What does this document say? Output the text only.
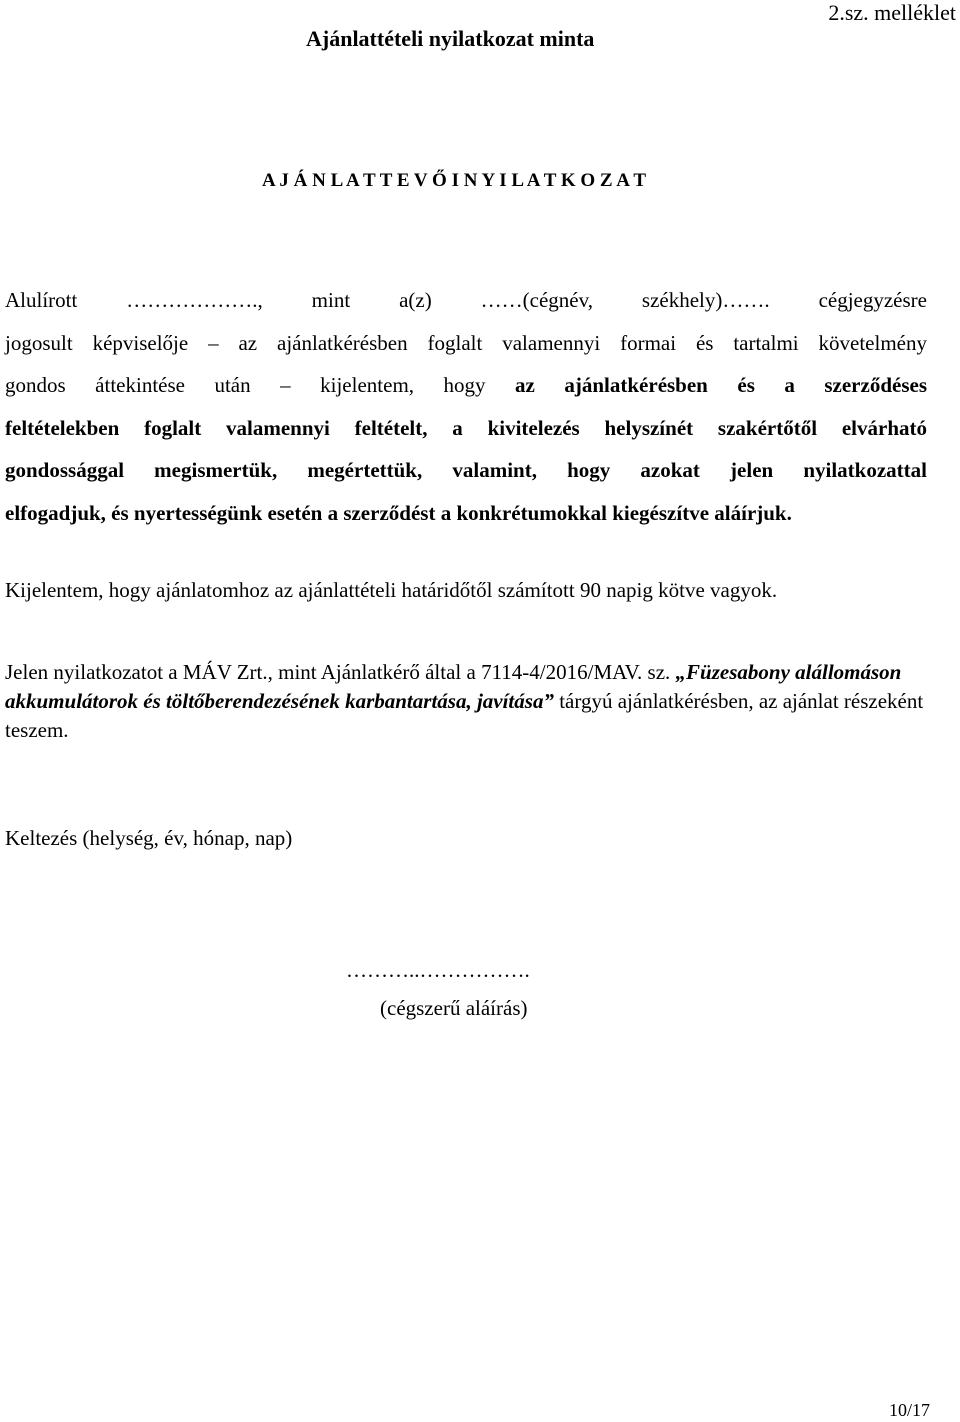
Ajánlattételi nyilatkozat minta
2.sz. melléklet
A J Á N L A T T E V Ő I N Y I L A T K O Z A T
Alulírott ………………., mint a(z) ……(cégnév, székhely)……. cégjegyzésre
jogosult képviselője – az ajánlatkérésben foglalt valamennyi formai és tartalmi követelmény
gondos áttekintése után – kijelentem, hogy az ajánlatkérésben és a szerződéses
feltételekben foglalt valamennyi feltételt, a kivitelezés helyszínét szakértőtől elvárható
gondossággal megismertük, megértettük, valamint, hogy azokat jelen nyilatkozattal
elfogadjuk, és nyertességünk esetén a szerződést a konkrétumokkal kiegészítve aláírjuk.
Kijelentem, hogy ajánlatomhoz az ajánlattételi határidőtől számított 90 napig kötve vagyok.
Jelen nyilatkozatot a MÁV Zrt., mint Ajánlatkérő által a 7114-4/2016/MAV. sz. „Füzesabony alállomáson akkumulátorok és töltőberendezésének karbantartása, javítása” tárgyú ajánlatkérésben, az ajánlat részeként teszem.
Keltezés (helység, év, hónap, nap)
………..…………….
(cégszerű aláírás)
10/17
